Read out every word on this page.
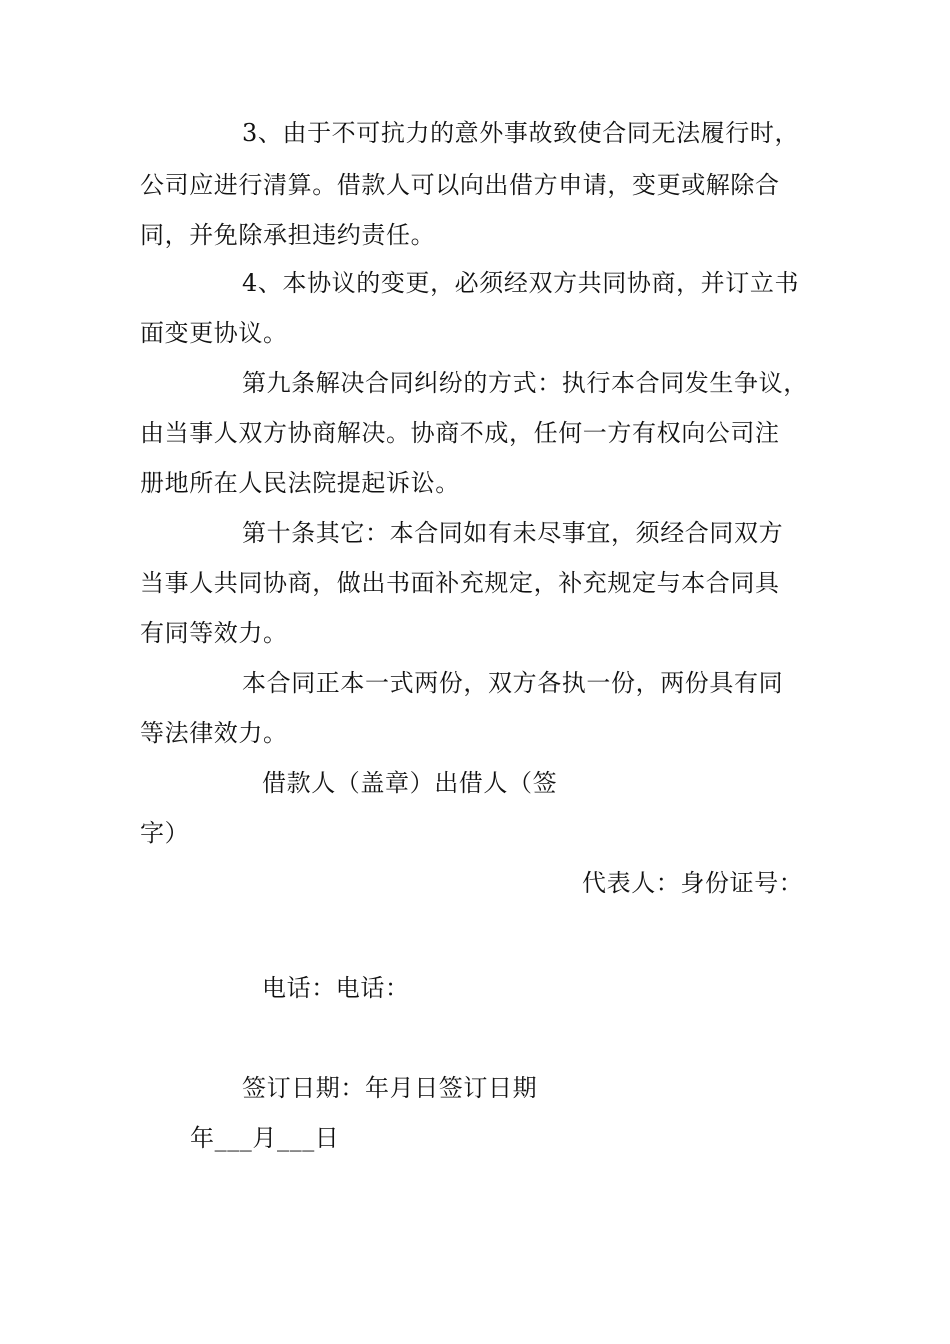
3、由于不可抗力的意外事故致使合同无法履行时，
公司应进行清算。借款人可以向出借方申请，变更或解除合
同，并免除承担违约责任。
4、本协议的变更，必须经双方共同协商，并订立书
面变更协议。
第九条解决合同纠纷的方式：执行本合同发生争议，
由当事人双方协商解决。协商不成，任何一方有权向公司注
册地所在人民法院提起诉讼。
第十条其它：本合同如有未尽事宜，须经合同双方
当事人共同协商，做出书面补充规定，补充规定与本合同具
有同等效力。
本合同正本一式两份，双方各执一份，两份具有同
等法律效力。
借款人（盖章）出借人（签
字）
代表人：身份证号：
电话：电话：
签订日期：年月日签订日期
年___月___日
